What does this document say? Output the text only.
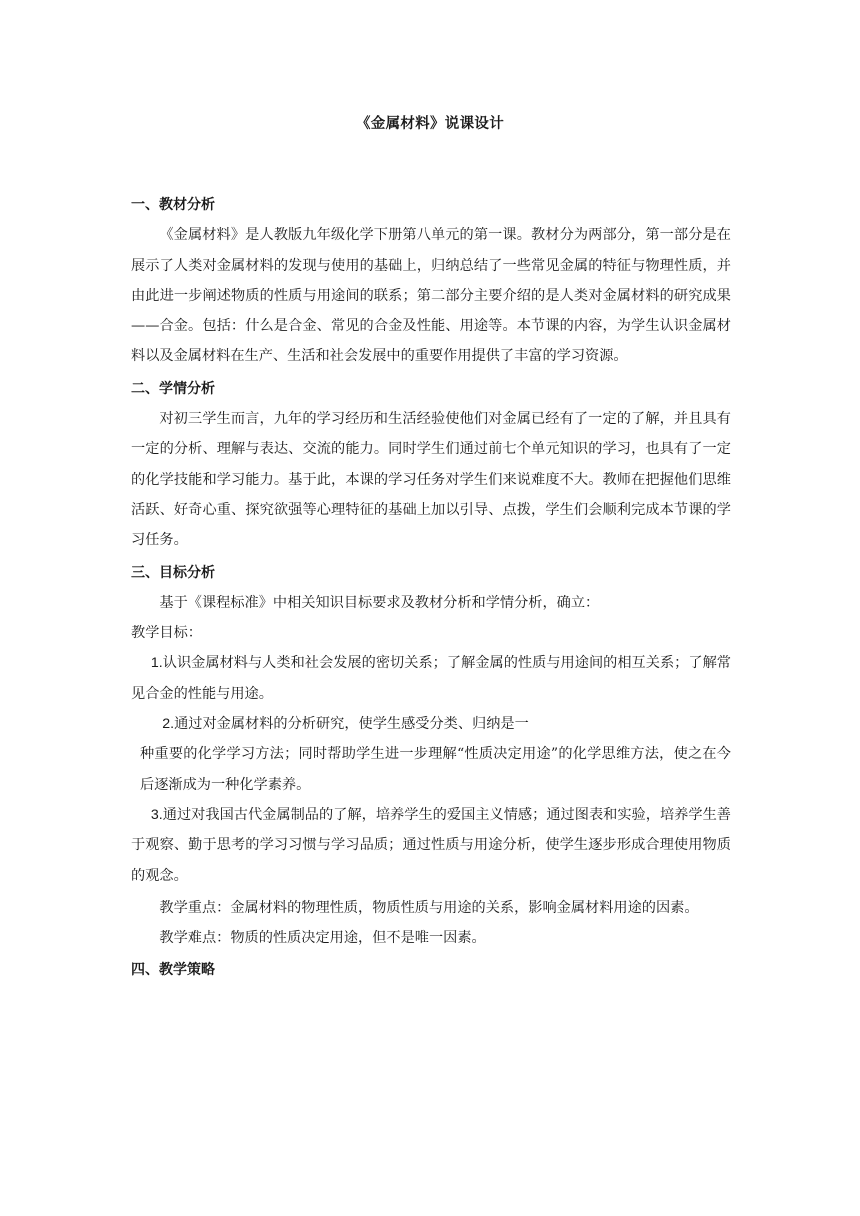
《金属材料》说课设计

一、教材分析

《金属材料》是人教版九年级化学下册第八单元的第一课。教材分为两部分，第一部分是在展示了人类对金属材料的发现与使用的基础上，归纳总结了一些常见金属的特征与物理性质，并由此进一步阐述物质的性质与用途间的联系；第二部分主要介绍的是人类对金属材料的研究成果——合金。包括：什么是合金、常见的合金及性能、用途等。本节课的内容，为学生认识金属材料以及金属材料在生产、生活和社会发展中的重要作用提供了丰富的学习资源。

二、学情分析

对初三学生而言，九年的学习经历和生活经验使他们对金属已经有了一定的了解，并且具有一定的分析、理解与表达、交流的能力。同时学生们通过前七个单元知识的学习，也具有了一定的化学技能和学习能力。基于此，本课的学习任务对学生们来说难度不大。教师在把握他们思维活跃、好奇心重、探究欲强等心理特征的基础上加以引导、点拨，学生们会顺利完成本节课的学习任务。

三、目标分析

基于《课程标准》中相关知识目标要求及教材分析和学情分析，确立：

教学目标：

1.认识金属材料与人类和社会发展的密切关系；了解金属的性质与用途间的相互关系；了解常见合金的性能与用途。

2.通过对金属材料的分析研究，使学生感受分类、归纳是一

种重要的化学学习方法；同时帮助学生进一步理解“性质决定用途”的化学思维方法，使之在今后逐渐成为一种化学素养。

3.通过对我国古代金属制品的了解，培养学生的爱国主义情感；通过图表和实验，培养学生善于观察、勤于思考的学习习惯与学习品质；通过性质与用途分析，使学生逐步形成合理使用物质的观念。

教学重点：金属材料的物理性质，物质性质与用途的关系，影响金属材料用途的因素。

教学难点：物质的性质决定用途，但不是唯一因素。

四、教学策略
